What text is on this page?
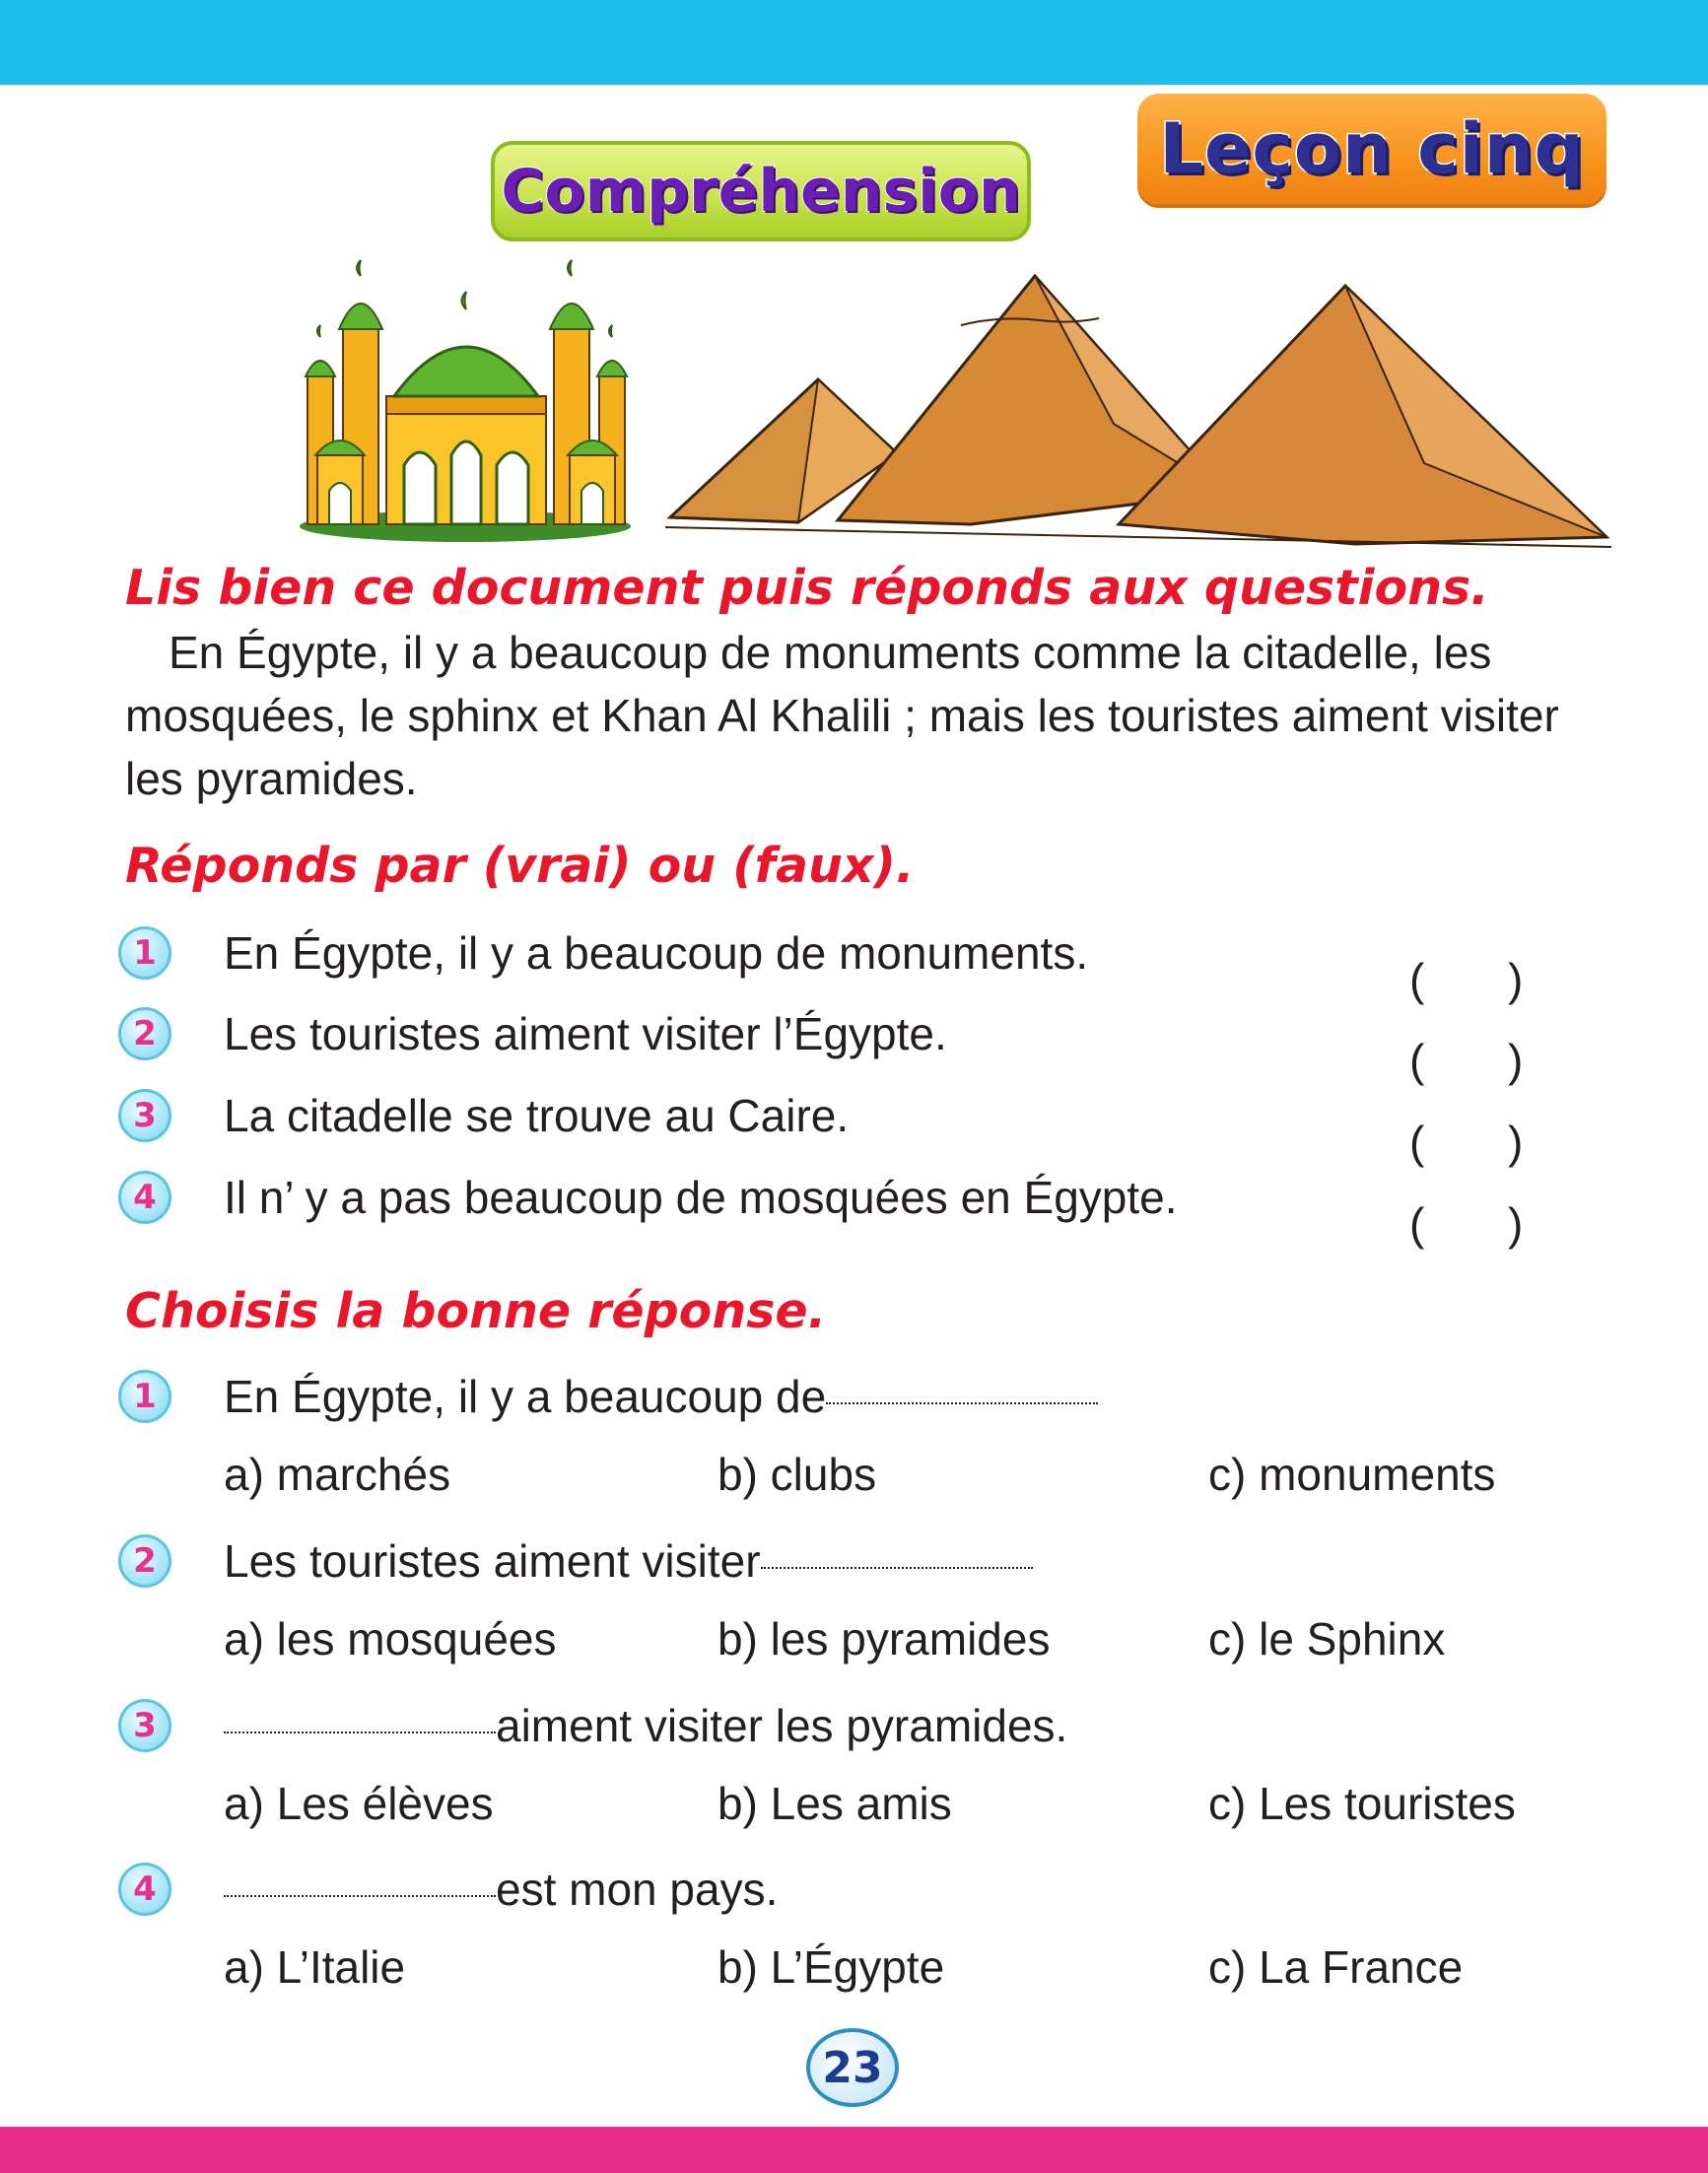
Compréhension
Leçon cinq
Lis bien ce document puis réponds aux questions.

En Égypte, il y a beaucoup de monuments comme la citadelle, les mosquées, le sphinx et Khan Al Khalili ; mais les touristes aiment visiter les pyramides.

Réponds par (vrai) ou (faux).
1	En Égypte, il y a beaucoup de monuments.
( )
2	Les touristes aiment visiter l’Égypte.
( )
3	La citadelle se trouve au Caire.
( )
4	Il n’ y a pas beaucoup de mosquées en Égypte.
( )
Choisis la bonne réponse.
1	En Égypte, il y a beaucoup de
a) marchés	b) clubs	c) monuments
2	Les touristes aiment visiter
a) les mosquées	b) les pyramides	c) le Sphinx
3	aiment visiter les pyramides.
a) Les élèves	b) Les amis	c) Les touristes
4	est mon pays.
a) L’Italie	b) L’Égypte	c) La France
23
